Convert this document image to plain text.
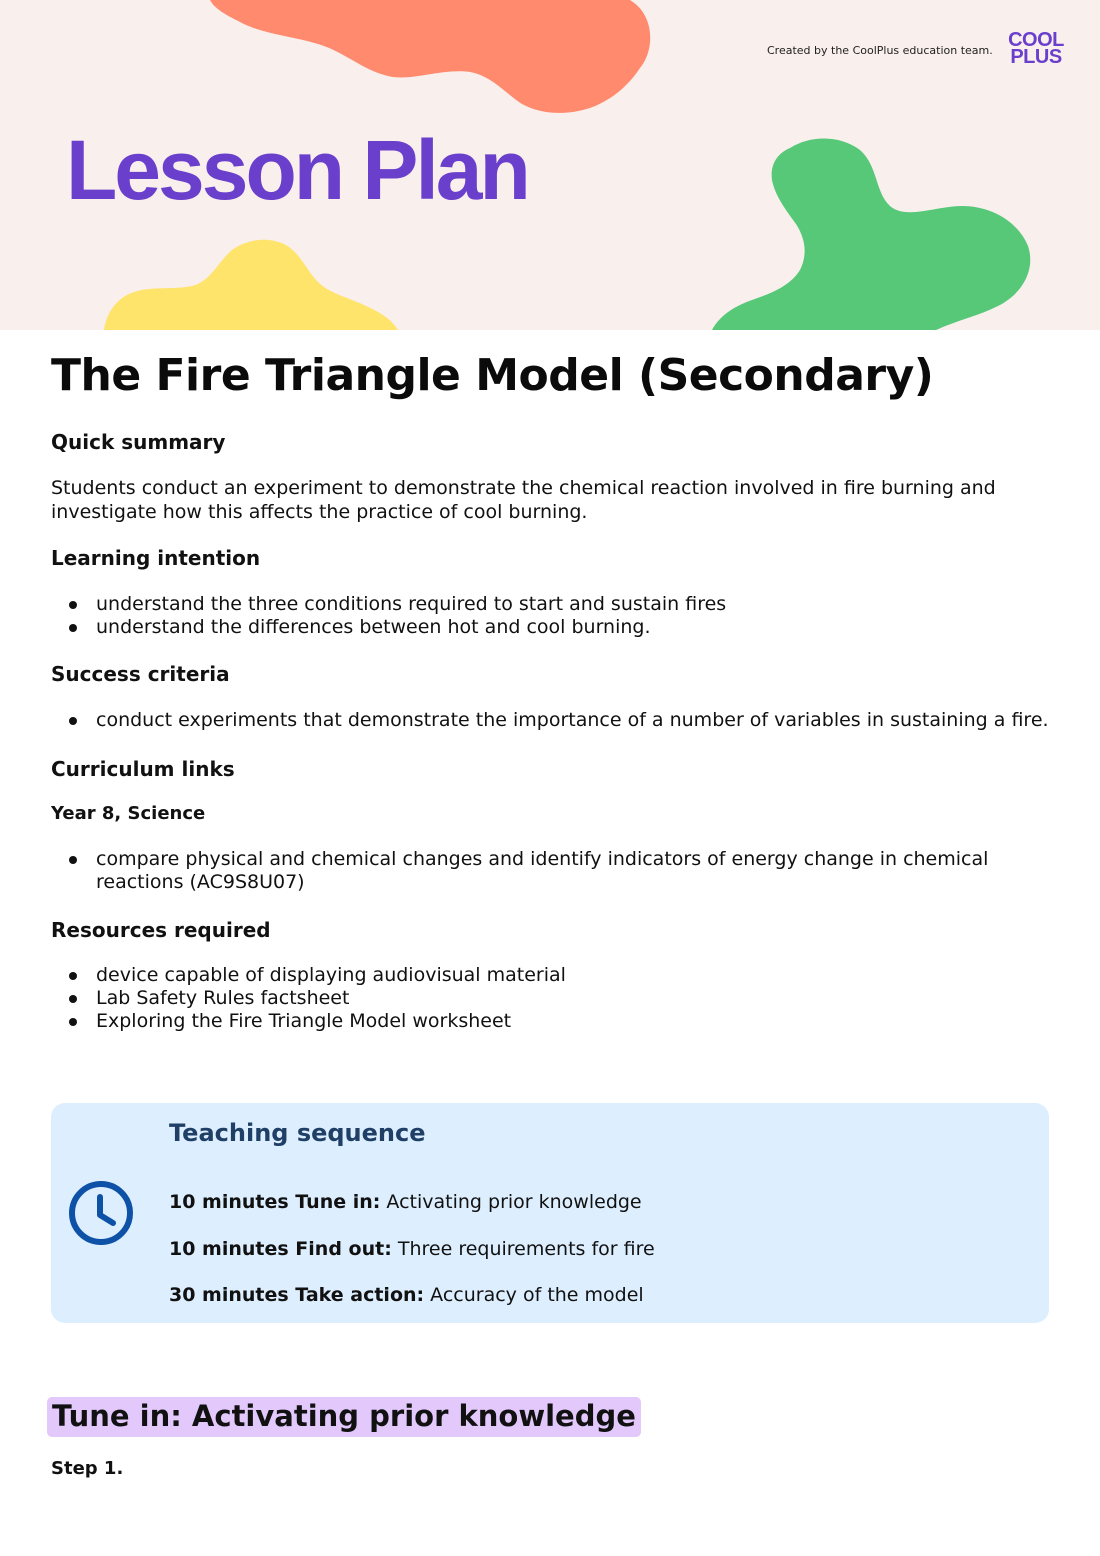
Lesson Plan
Created by the CoolPlus education team. COOL
PLUS
The Fire Triangle Model (Secondary)
Quick summary

Students conduct an experiment to demonstrate the chemical reaction involved in fire burning and investigate how this affects the practice of cool burning.

Learning intention
understand the three conditions required to start and sustain fires
understand the differences between hot and cool burning.
Success criteria
conduct experiments that demonstrate the importance of a number of variables in sustaining a fire.
Curriculum links
Year 8, Science
compare physical and chemical changes and identify indicators of energy change in chemical reactions (AC9S8U07)
Resources required
device capable of displaying audiovisual material
Lab Safety Rules factsheet
Exploring the Fire Triangle Model worksheet
Teaching sequence
10 minutes Tune in: Activating prior knowledge
10 minutes Find out: Three requirements for fire
30 minutes Take action: Accuracy of the model
Tune in: Activating prior knowledge
Step 1.
